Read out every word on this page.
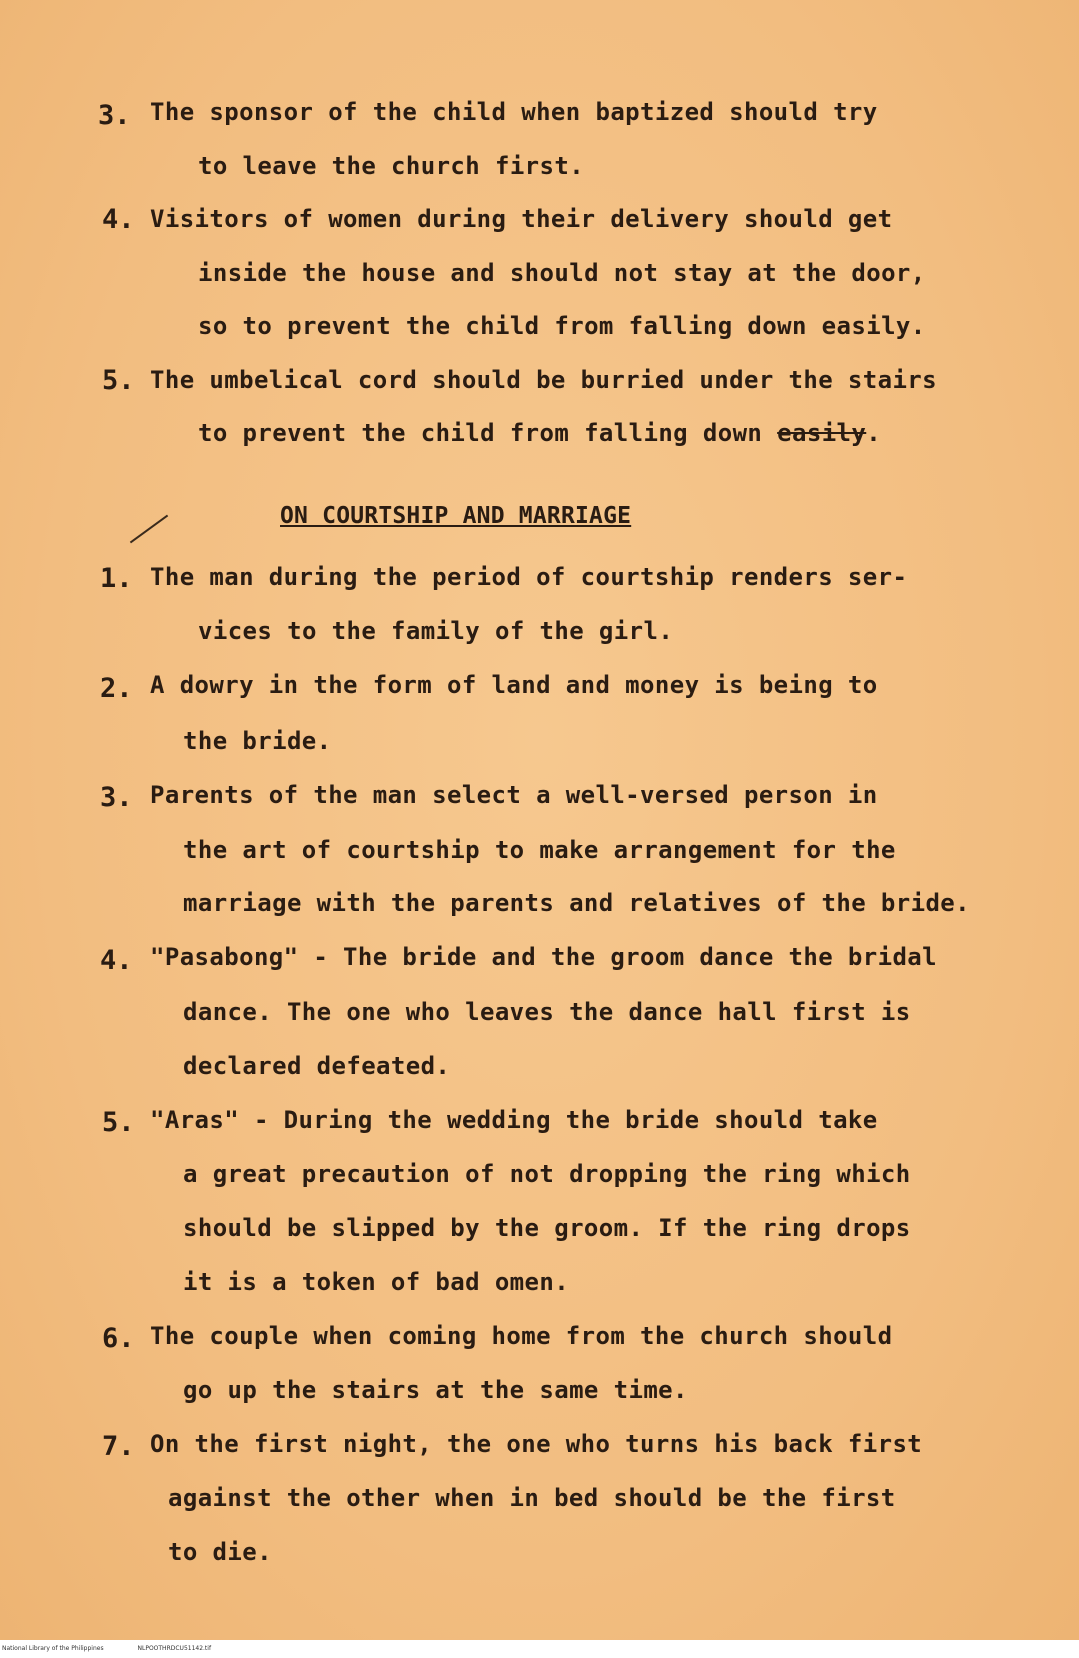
3. The sponsor of the child when baptized should try
to leave the church first.
4. Visitors of women during their delivery should get
inside the house and should not stay at the door,
so to prevent the child from falling down easily.
5. The umbelical cord should be burried under the stairs
to prevent the child from falling down easily.
ON COURTSHIP AND MARRIAGE
1. The man during the period of courtship renders ser-
vices to the family of the girl.
2. A dowry in the form of land and money is being to
the bride.
3. Parents of the man select a well-versed person in
the art of courtship to make arrangement for the
marriage with the parents and relatives of the bride.
4. "Pasabong" - The bride and the groom dance the bridal
dance. The one who leaves the dance hall first is
declared defeated.
5. "Aras" - During the wedding the bride should take
a great precaution of not dropping the ring which
should be slipped by the groom. If the ring drops
it is a token of bad omen.
6. The couple when coming home from the church should
go up the stairs at the same time.
7. On the first night, the one who turns his back first
against the other when in bed should be the first
to die.
National Library of the Philippines	NLPOOTHRDCU51142.tif
